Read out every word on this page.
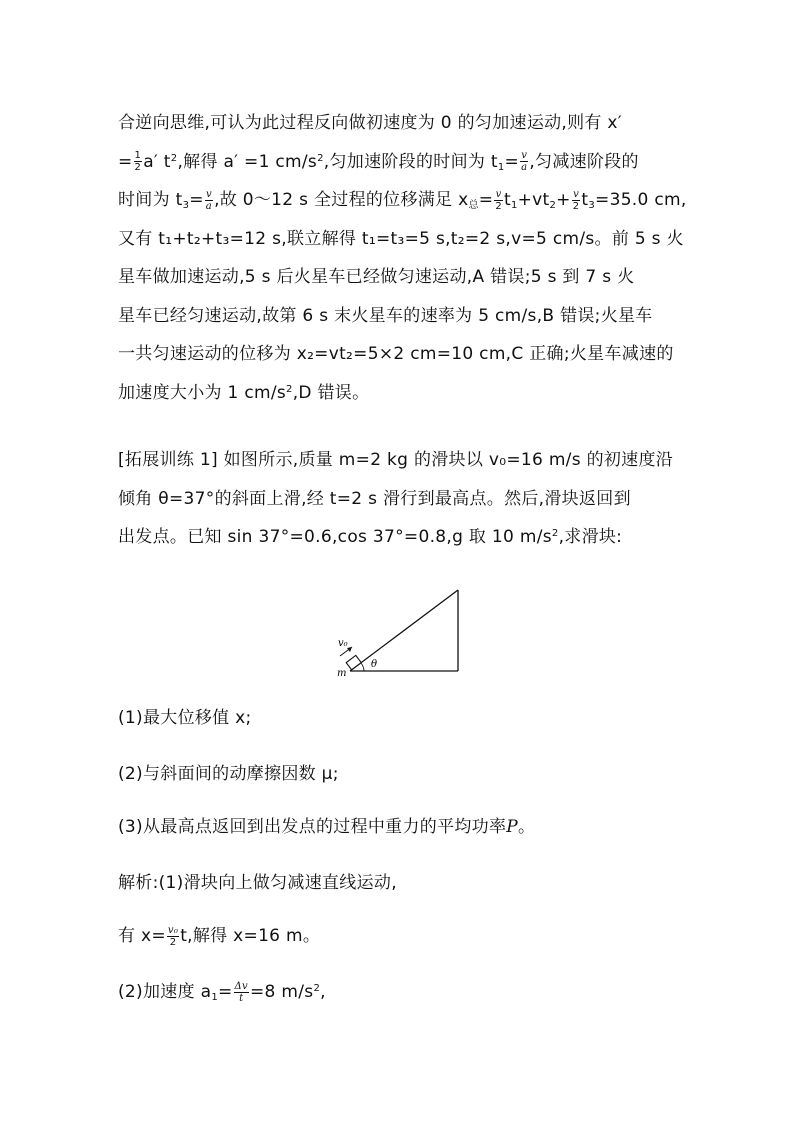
合逆向思维,可认为此过程反向做初速度为 0 的匀加速运动,则有 x′
= $\frac{1}{2} a'$ $t^2$,解得 a′ =1 $cm/s^2$,匀加速阶段的时间为 $t_1= \frac{v}{a}$ ,匀减速阶段的
时间为 $t_3= \frac{v}{a}$ ,故 0～12 s 全过程的位移满足 $x_总= \frac{v}{2} t_1+vt_2+ \frac{v}{2} t_3=35.0$ cm,
又有 t₁+t₂+t₃=12 s,联立解得 t₁=t₃=5 s,t₂=2 s,v=5 cm/s。前 5 s 火
星车做加速运动,5 s 后火星车已经做匀速运动,A 错误;5 s 到 7 s 火
星车已经匀速运动,故第 6 s 末火星车的速率为 5 cm/s,B 错误;火星车
一共匀速运动的位移为 x₂=vt₂=5×2 cm=10 cm,C 正确;火星车减速的
加速度大小为 1 $cm/s^2,D$ 错误。
[拓展训练 1] 如图所示,质量 m=2 kg 的滑块以 v₀=16 m/s 的初速度沿
倾角 θ=37°的斜面上滑,经 t=2 s 滑行到最高点。然后,滑块返回到
出发点。已知 sin 37°=0.6,cos 37°=0.8,g 取 10 $m/s^2$,求滑块:
v₀
θ
m
(1)最大位移值 x;
(2)与斜面间的动摩擦因数 μ;
(3)从最高点返回到出发点的过程中重力的平均功率P。
解析:(1)滑块向上做匀减速直线运动,
有 $x= \frac{\text{v₀}}{2} t$,解得 x=16 m。
(2)加速度 $a_1= \frac{\Delta v}{t} =8$ $m/s^2$,
